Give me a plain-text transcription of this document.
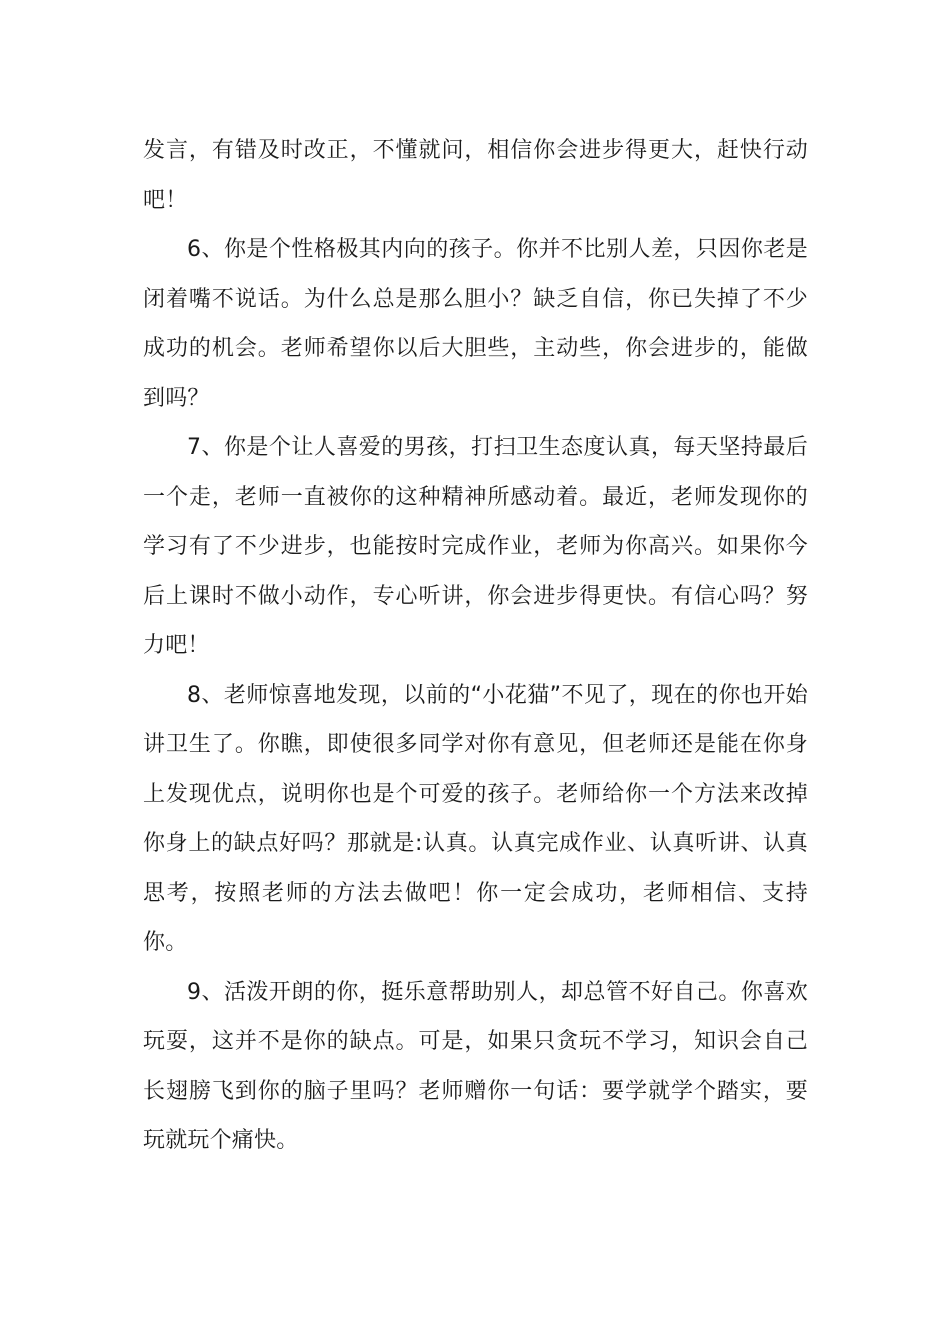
发言，有错及时改正，不懂就问，相信你会进步得更大，赶快行动吧！

6、你是个性格极其内向的孩子。你并不比别人差，只因你老是闭着嘴不说话。为什么总是那么胆小？缺乏自信，你已失掉了不少成功的机会。老师希望你以后大胆些，主动些，你会进步的，能做到吗？

7、你是个让人喜爱的男孩，打扫卫生态度认真，每天坚持最后一个走，老师一直被你的这种精神所感动着。最近，老师发现你的学习有了不少进步，也能按时完成作业，老师为你高兴。如果你今后上课时不做小动作，专心听讲，你会进步得更快。有信心吗？努力吧！

8、老师惊喜地发现，以前的“小花猫”不见了，现在的你也开始讲卫生了。你瞧，即使很多同学对你有意见，但老师还是能在你身上发现优点，说明你也是个可爱的孩子。老师给你一个方法来改掉你身上的缺点好吗？那就是:认真。认真完成作业、认真听讲、认真思考，按照老师的方法去做吧！你一定会成功，老师相信、支持你。

9、活泼开朗的你，挺乐意帮助别人，却总管不好自己。你喜欢玩耍，这并不是你的缺点。可是，如果只贪玩不学习，知识会自己长翅膀飞到你的脑子里吗？老师赠你一句话：要学就学个踏实，要玩就玩个痛快。
